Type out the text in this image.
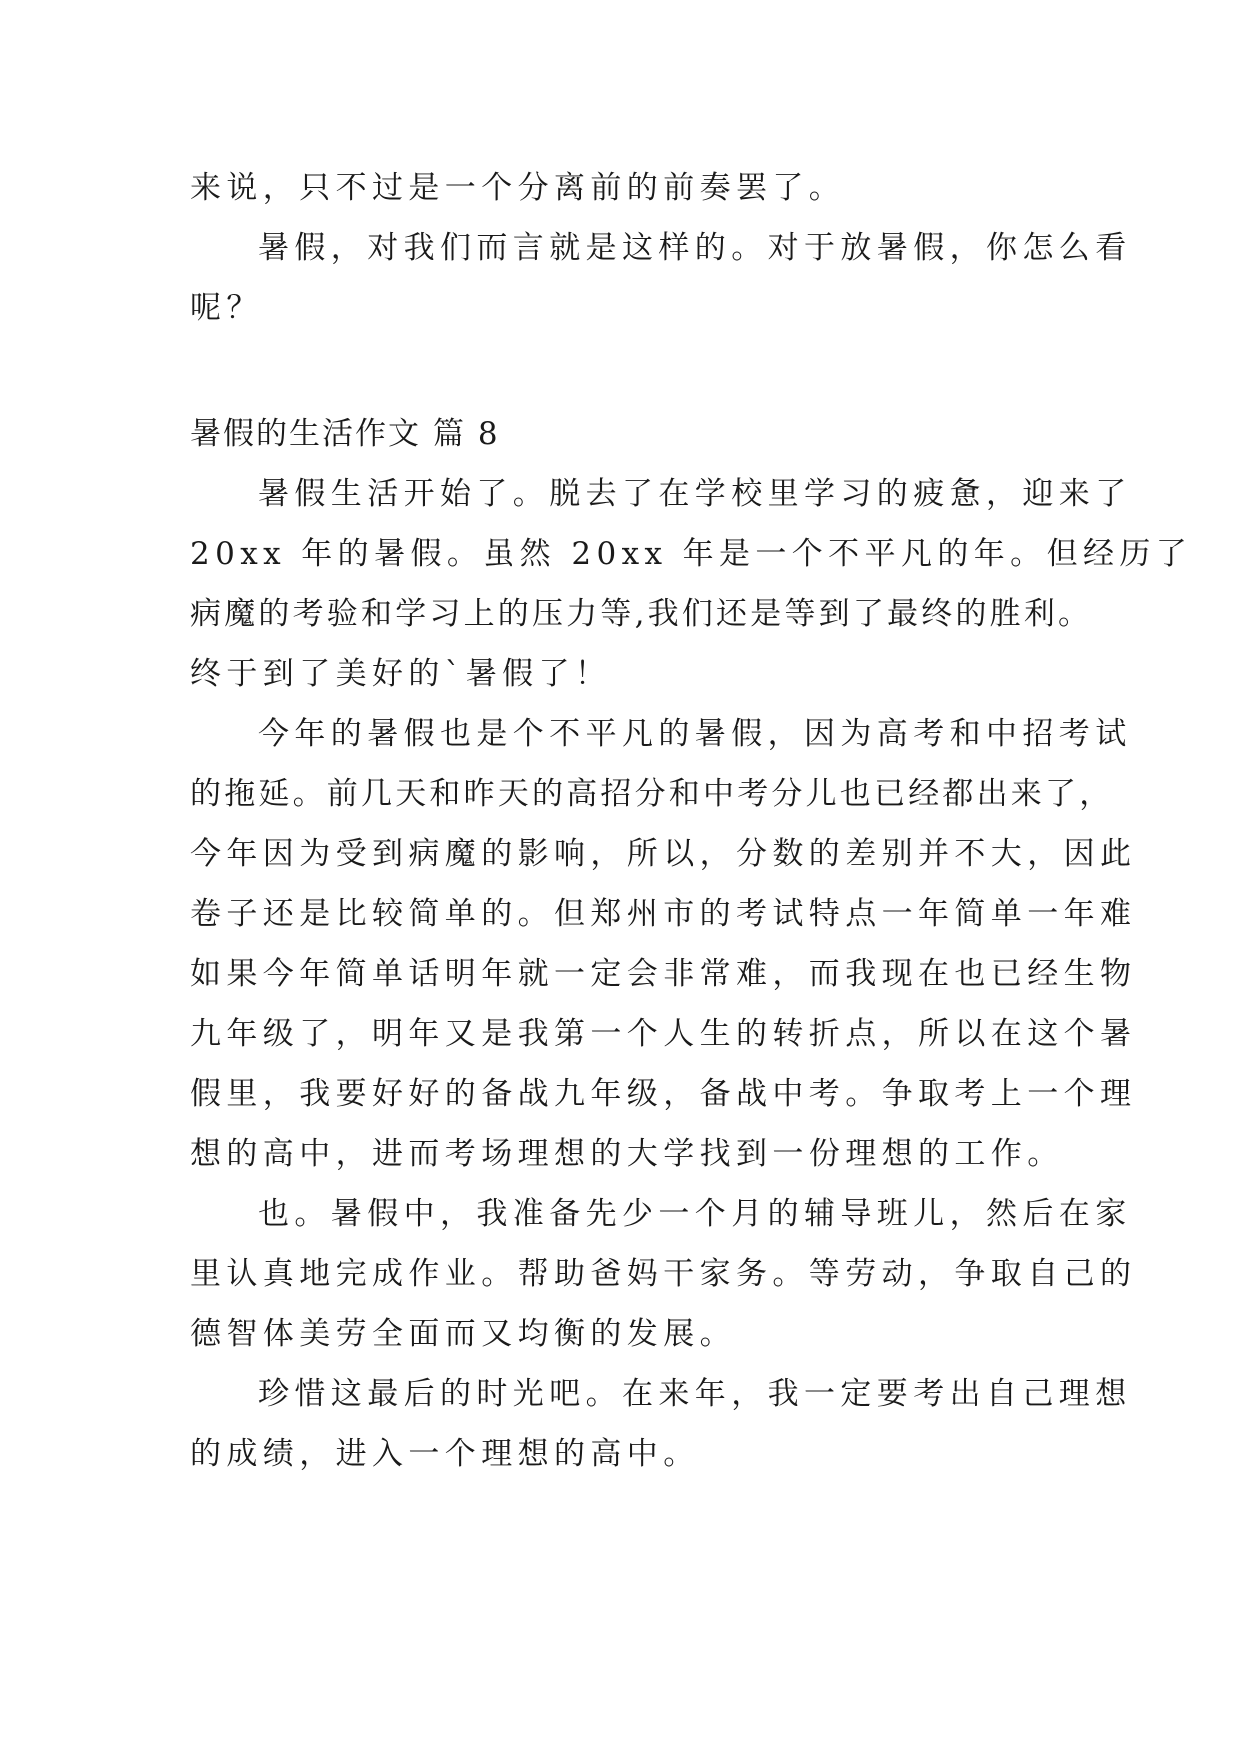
来说，只不过是一个分离前的前奏罢了。
暑假，对我们而言就是这样的。对于放暑假，你怎么看
呢？
暑假的生活作文 篇 8
暑假生活开始了。脱去了在学校里学习的疲惫，迎来了
20xx 年的暑假。虽然 20xx 年是一个不平凡的年。但经历了
病魔的考验和学习上的压力等,我们还是等到了最终的胜利。
终于到了美好的`暑假了！
今年的暑假也是个不平凡的暑假，因为高考和中招考试
的拖延。前几天和昨天的高招分和中考分儿也已经都出来了，
今年因为受到病魔的影响，所以，分数的差别并不大，因此
卷子还是比较简单的。但郑州市的考试特点一年简单一年难
如果今年简单话明年就一定会非常难，而我现在也已经生物
九年级了，明年又是我第一个人生的转折点，所以在这个暑
假里，我要好好的备战九年级，备战中考。争取考上一个理
想的高中，进而考场理想的大学找到一份理想的工作。
也。暑假中，我准备先少一个月的辅导班儿，然后在家
里认真地完成作业。帮助爸妈干家务。等劳动，争取自己的
德智体美劳全面而又均衡的发展。
珍惜这最后的时光吧。在来年，我一定要考出自己理想
的成绩，进入一个理想的高中。
